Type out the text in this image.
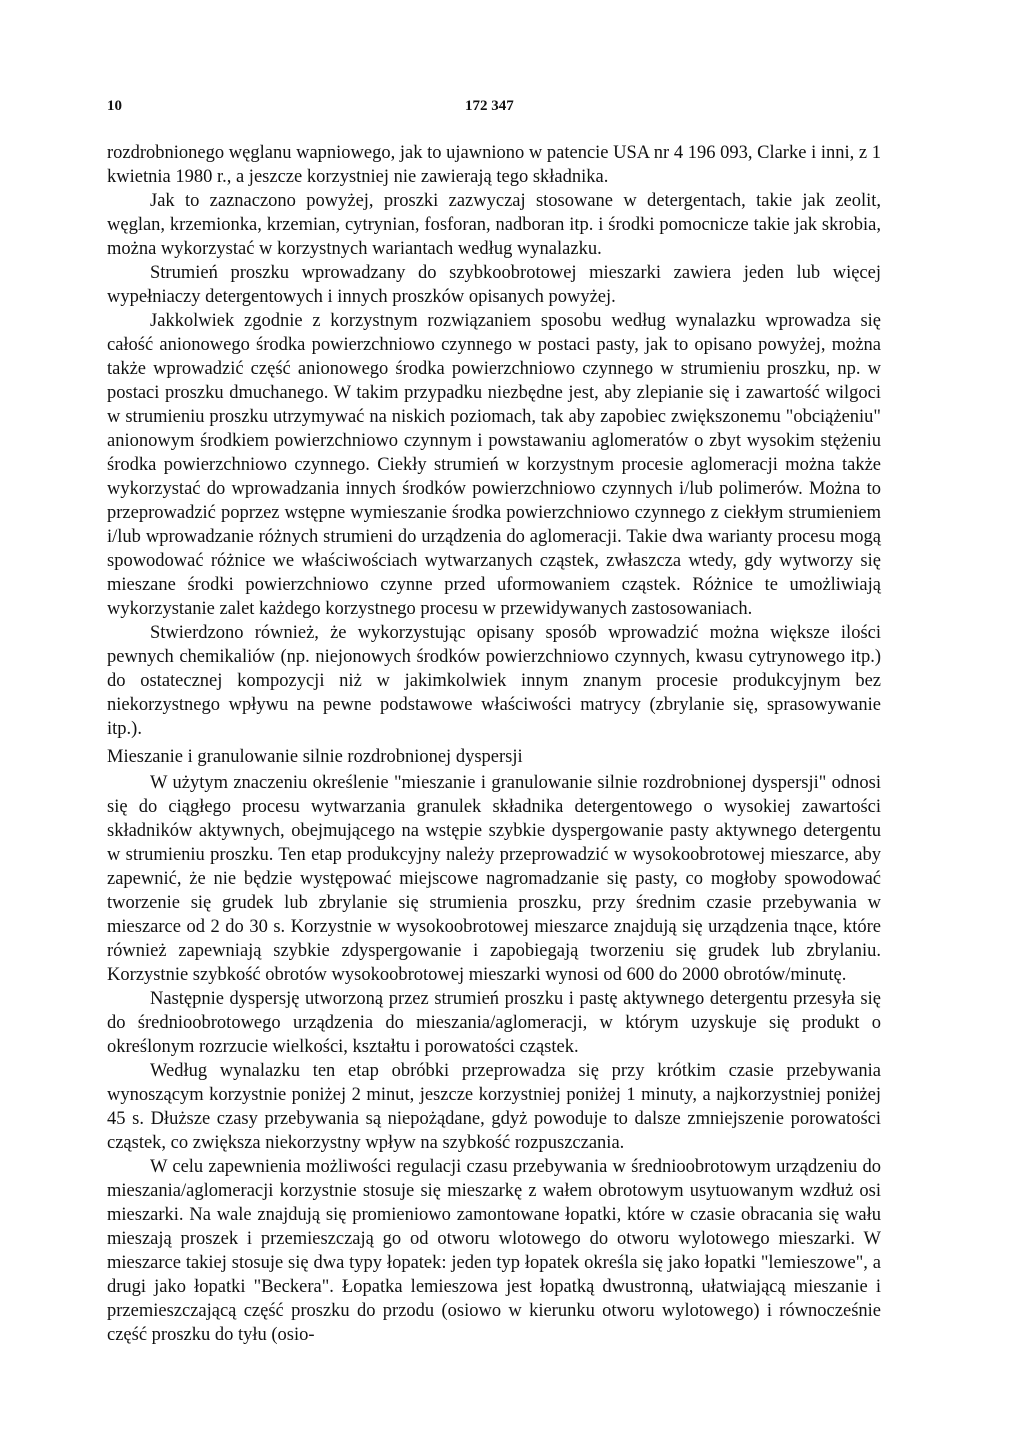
10	172 347

rozdrobnionego węglanu wapniowego, jak to ujawniono w patencie USA nr 4 196 093, Clarke i inni, z 1 kwietnia 1980 r., a jeszcze korzystniej nie zawierają tego składnika.

Jak to zaznaczono powyżej, proszki zazwyczaj stosowane w detergentach, takie jak zeolit, węglan, krzemionka, krzemian, cytrynian, fosforan, nadboran itp. i środki pomocnicze takie jak skrobia, można wykorzystać w korzystnych wariantach według wynalazku.

Strumień proszku wprowadzany do szybkoobrotowej mieszarki zawiera jeden lub więcej wypełniaczy detergentowych i innych proszków opisanych powyżej.

Jakkolwiek zgodnie z korzystnym rozwiązaniem sposobu według wynalazku wprowadza się całość anionowego środka powierzchniowo czynnego w postaci pasty, jak to opisano powyżej, można także wprowadzić część anionowego środka powierzchniowo czynnego w strumieniu proszku, np. w postaci proszku dmuchanego. W takim przypadku niezbędne jest, aby zlepianie się i zawartość wilgoci w strumieniu proszku utrzymywać na niskich poziomach, tak aby zapobiec zwiększonemu "obciążeniu" anionowym środkiem powierzchniowo czynnym i powstawaniu aglomeratów o zbyt wysokim stężeniu środka powierzchniowo czynnego. Ciekły strumień w korzystnym procesie aglomeracji można także wykorzystać do wprowadzania innych środków powierzchniowo czynnych i/lub polimerów. Można to przeprowadzić poprzez wstępne wymieszanie środka powierzchniowo czynnego z ciekłym strumieniem i/lub wprowadzanie różnych strumieni do urządzenia do aglomeracji. Takie dwa warianty procesu mogą spowodować różnice we właściwościach wytwarzanych cząstek, zwłaszcza wtedy, gdy wytworzy się mieszane środki powierzchniowo czynne przed uformowaniem cząstek. Różnice te umożliwiają wykorzystanie zalet każdego korzystnego procesu w przewidywanych zastosowaniach.

Stwierdzono również, że wykorzystując opisany sposób wprowadzić można większe ilości pewnych chemikaliów (np. niejonowych środków powierzchniowo czynnych, kwasu cytrynowego itp.) do ostatecznej kompozycji niż w jakimkolwiek innym znanym procesie produkcyjnym bez niekorzystnego wpływu na pewne podstawowe właściwości matrycy (zbrylanie się, sprasowywanie itp.).

Mieszanie i granulowanie silnie rozdrobnionej dyspersji

W użytym znaczeniu określenie "mieszanie i granulowanie silnie rozdrobnionej dyspersji" odnosi się do ciągłego procesu wytwarzania granulek składnika detergentowego o wysokiej zawartości składników aktywnych, obejmującego na wstępie szybkie dyspergowanie pasty aktywnego detergentu w strumieniu proszku. Ten etap produkcyjny należy przeprowadzić w wysokoobrotowej mieszarce, aby zapewnić, że nie będzie występować miejscowe nagromadzanie się pasty, co mogłoby spowodować tworzenie się grudek lub zbrylanie się strumienia proszku, przy średnim czasie przebywania w mieszarce od 2 do 30 s. Korzystnie w wysokoobrotowej mieszarce znajdują się urządzenia tnące, które również zapewniają szybkie zdyspergowanie i zapobiegają tworzeniu się grudek lub zbrylaniu. Korzystnie szybkość obrotów wysokoobrotowej mieszarki wynosi od 600 do 2000 obrotów/minutę.

Następnie dyspersję utworzoną przez strumień proszku i pastę aktywnego detergentu przesyła się do średnioobrotowego urządzenia do mieszania/aglomeracji, w którym uzyskuje się produkt o określonym rozrzucie wielkości, kształtu i porowatości cząstek.

Według wynalazku ten etap obróbki przeprowadza się przy krótkim czasie przebywania wynoszącym korzystnie poniżej 2 minut, jeszcze korzystniej poniżej 1 minuty, a najkorzystniej poniżej 45 s. Dłuższe czasy przebywania są niepożądane, gdyż powoduje to dalsze zmniejszenie porowatości cząstek, co zwiększa niekorzystny wpływ na szybkość rozpuszczania.

W celu zapewnienia możliwości regulacji czasu przebywania w średnioobrotowym urządzeniu do mieszania/aglomeracji korzystnie stosuje się mieszarkę z wałem obrotowym usytuowanym wzdłuż osi mieszarki. Na wale znajdują się promieniowo zamontowane łopatki, które w czasie obracania się wału mieszają proszek i przemieszczają go od otworu wlotowego do otworu wylotowego mieszarki. W mieszarce takiej stosuje się dwa typy łopatek: jeden typ łopatek określa się jako łopatki "lemieszowe", a drugi jako łopatki "Beckera". Łopatka lemieszowa jest łopatką dwustronną, ułatwiającą mieszanie i przemieszczającą część proszku do przodu (osiowo w kierunku otworu wylotowego) i równocześnie część proszku do tyłu (osio-
